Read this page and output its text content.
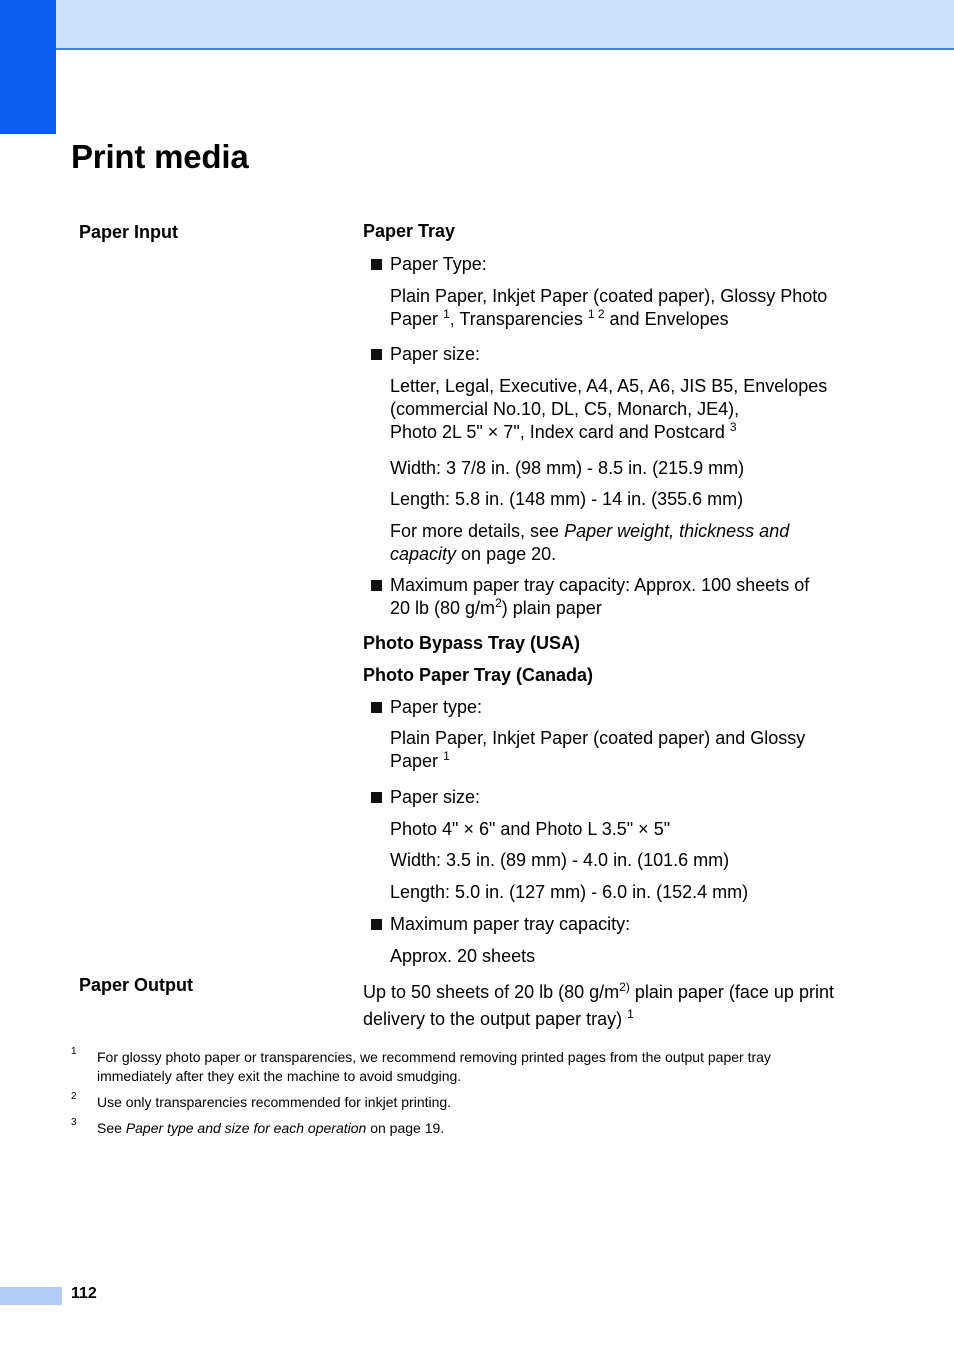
Print media
Paper Input	Paper Tray
Paper Type:
Plain Paper, Inkjet Paper (coated paper), Glossy Photo
Paper $^1$, Transparencies $^{1 2}$ and Envelopes
Paper size:
Letter, Legal, Executive, A4, A5, A6, JIS B5, Envelopes
(commercial No.10, DL, C5, Monarch, JE4),
Photo 2L 5" × 7", Index card and Postcard $^3$
Width: 3 7/8 in. (98 mm) - 8.5 in. (215.9 mm)
Length: 5.8 in. (148 mm) - 14 in. (355.6 mm)
For more details, see Paper weight, thickness and
capacity on page 20.
Maximum paper tray capacity: Approx. 100 sheets of
20 lb (80 $g/m^2$) plain paper
Photo Bypass Tray (USA)
Photo Paper Tray (Canada)
Paper type:
Plain Paper, Inkjet Paper (coated paper) and Glossy
Paper $^1$
Paper size:
Photo 4" × 6" and Photo L 3.5" × 5"
Width: 3.5 in. (89 mm) - 4.0 in. (101.6 mm)
Length: 5.0 in. (127 mm) - 6.0 in. (152.4 mm)
Maximum paper tray capacity:
Approx. 20 sheets
Paper Output	Up to 50 sheets of 20 lb (80 $g/m^{2)}$ plain paper (face up print
delivery to the output paper tray) $^1$
1 For glossy photo paper or transparencies, we recommend removing printed pages from the output paper tray
immediately after they exit the machine to avoid smudging.
2 Use only transparencies recommended for inkjet printing.
3 See Paper type and size for each operation on page 19.
112
